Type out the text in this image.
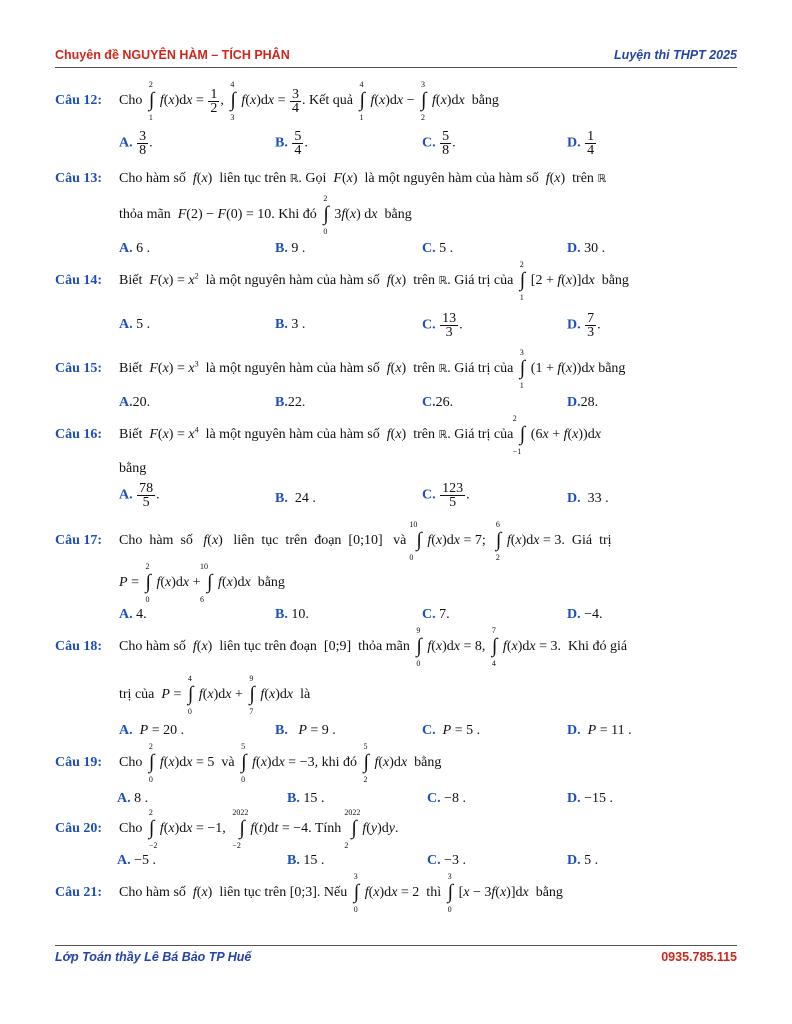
Chuyên đề NGUYÊN HÀM – TÍCH PHÂN	Luyện thi THPT 2025
Câu 12: Cho
2
∫
1
$f(x)dx = \frac{1}{2}$ ,
4
∫
3
$f(x)dx = \frac{3}{4}$ . Kết quả
4
∫
1
f(x)dx −
3
∫
2
f(x)dx  bằng
A. $\frac{3}{8}$ .	B. $\frac{5}{4}$ .	C. $\frac{5}{8}$ .	D. $\frac{1}{4}$
Câu 13: Cho hàm số  f(x)  liên tục trên ℝ. Gọi  F(x)  là một nguyên hàm của hàm số  f(x)  trên ℝ
thỏa mãn  F(2) − F(0) = 10. Khi đó
2
∫
0
3f(x) dx  bằng
A. 6 .	B. 9 .	C. 5 .	D. 30 .
Câu 14: Biết  $F(x) = x^2$  là một nguyên hàm của hàm số  f(x)  trên ℝ. Giá trị của
2
∫
1
[2 + f(x)]dx  bằng
A. 5 .	B. 3 .	C. $\frac{13}{3}$ .	D. $\frac{7}{3}$ .
Câu 15: Biết  $F(x) = x^3$  là một nguyên hàm của hàm số  f(x)  trên ℝ. Giá trị của
3
∫
1
(1 + f(x))dx bằng
A.20.	B.22.	C.26.	D.28.
Câu 16: Biết  $F(x) = x^4$  là một nguyên hàm của hàm số  f(x)  trên ℝ. Giá trị của
2
∫
−1
(6x + f(x))dx
bằng
A. $\frac{78}{5}$ .	B.  24 .	C. $\frac{123}{5}$ .	D.  33 .
Câu 17: Cho  hàm  số   f(x)   liên  tục  trên  đoạn  [0;10]   và
10
∫
0
f(x)dx = 7;
6
∫
2
f(x)dx = 3.  Giá  trị
P =
2
∫
0
f(x)dx +
10
∫
6
f(x)dx  bằng
A. 4.	B. 10.	C. 7.	D. −4.
Câu 18: Cho hàm số  f(x)  liên tục trên đoạn  [0;9]  thỏa mãn
9
∫
0
f(x)dx = 8,
7
∫
4
f(x)dx = 3.  Khi đó giá
trị của  P =
4
∫
0
f(x)dx +
9
∫
7
f(x)dx  là
A. P = 20 .	B. P = 9 .	C. P = 5 .	D. P = 11 .
Câu 19: Cho
2
∫
0
f(x)dx = 5  và
5
∫
0
f(x)dx = −3, khi đó
5
∫
2
f(x)dx  bằng
A. 8 .	B. 15 .	C. −8 .	D. −15 .
Câu 20: Cho
2
∫
−2
f(x)dx = −1,
2022
∫
−2
f(t)dt = −4. Tính
2022
∫
2
f(y)dy.
A. −5 .	B. 15 .	C. −3 .	D. 5 .
Câu 21: Cho hàm số  f(x)  liên tục trên [0;3]. Nếu
3
∫
0
f(x)dx = 2  thì
3
∫
0
[x − 3f(x)]dx  bằng
Lớp Toán thầy Lê Bá Bảo TP Huế	0935.785.115
